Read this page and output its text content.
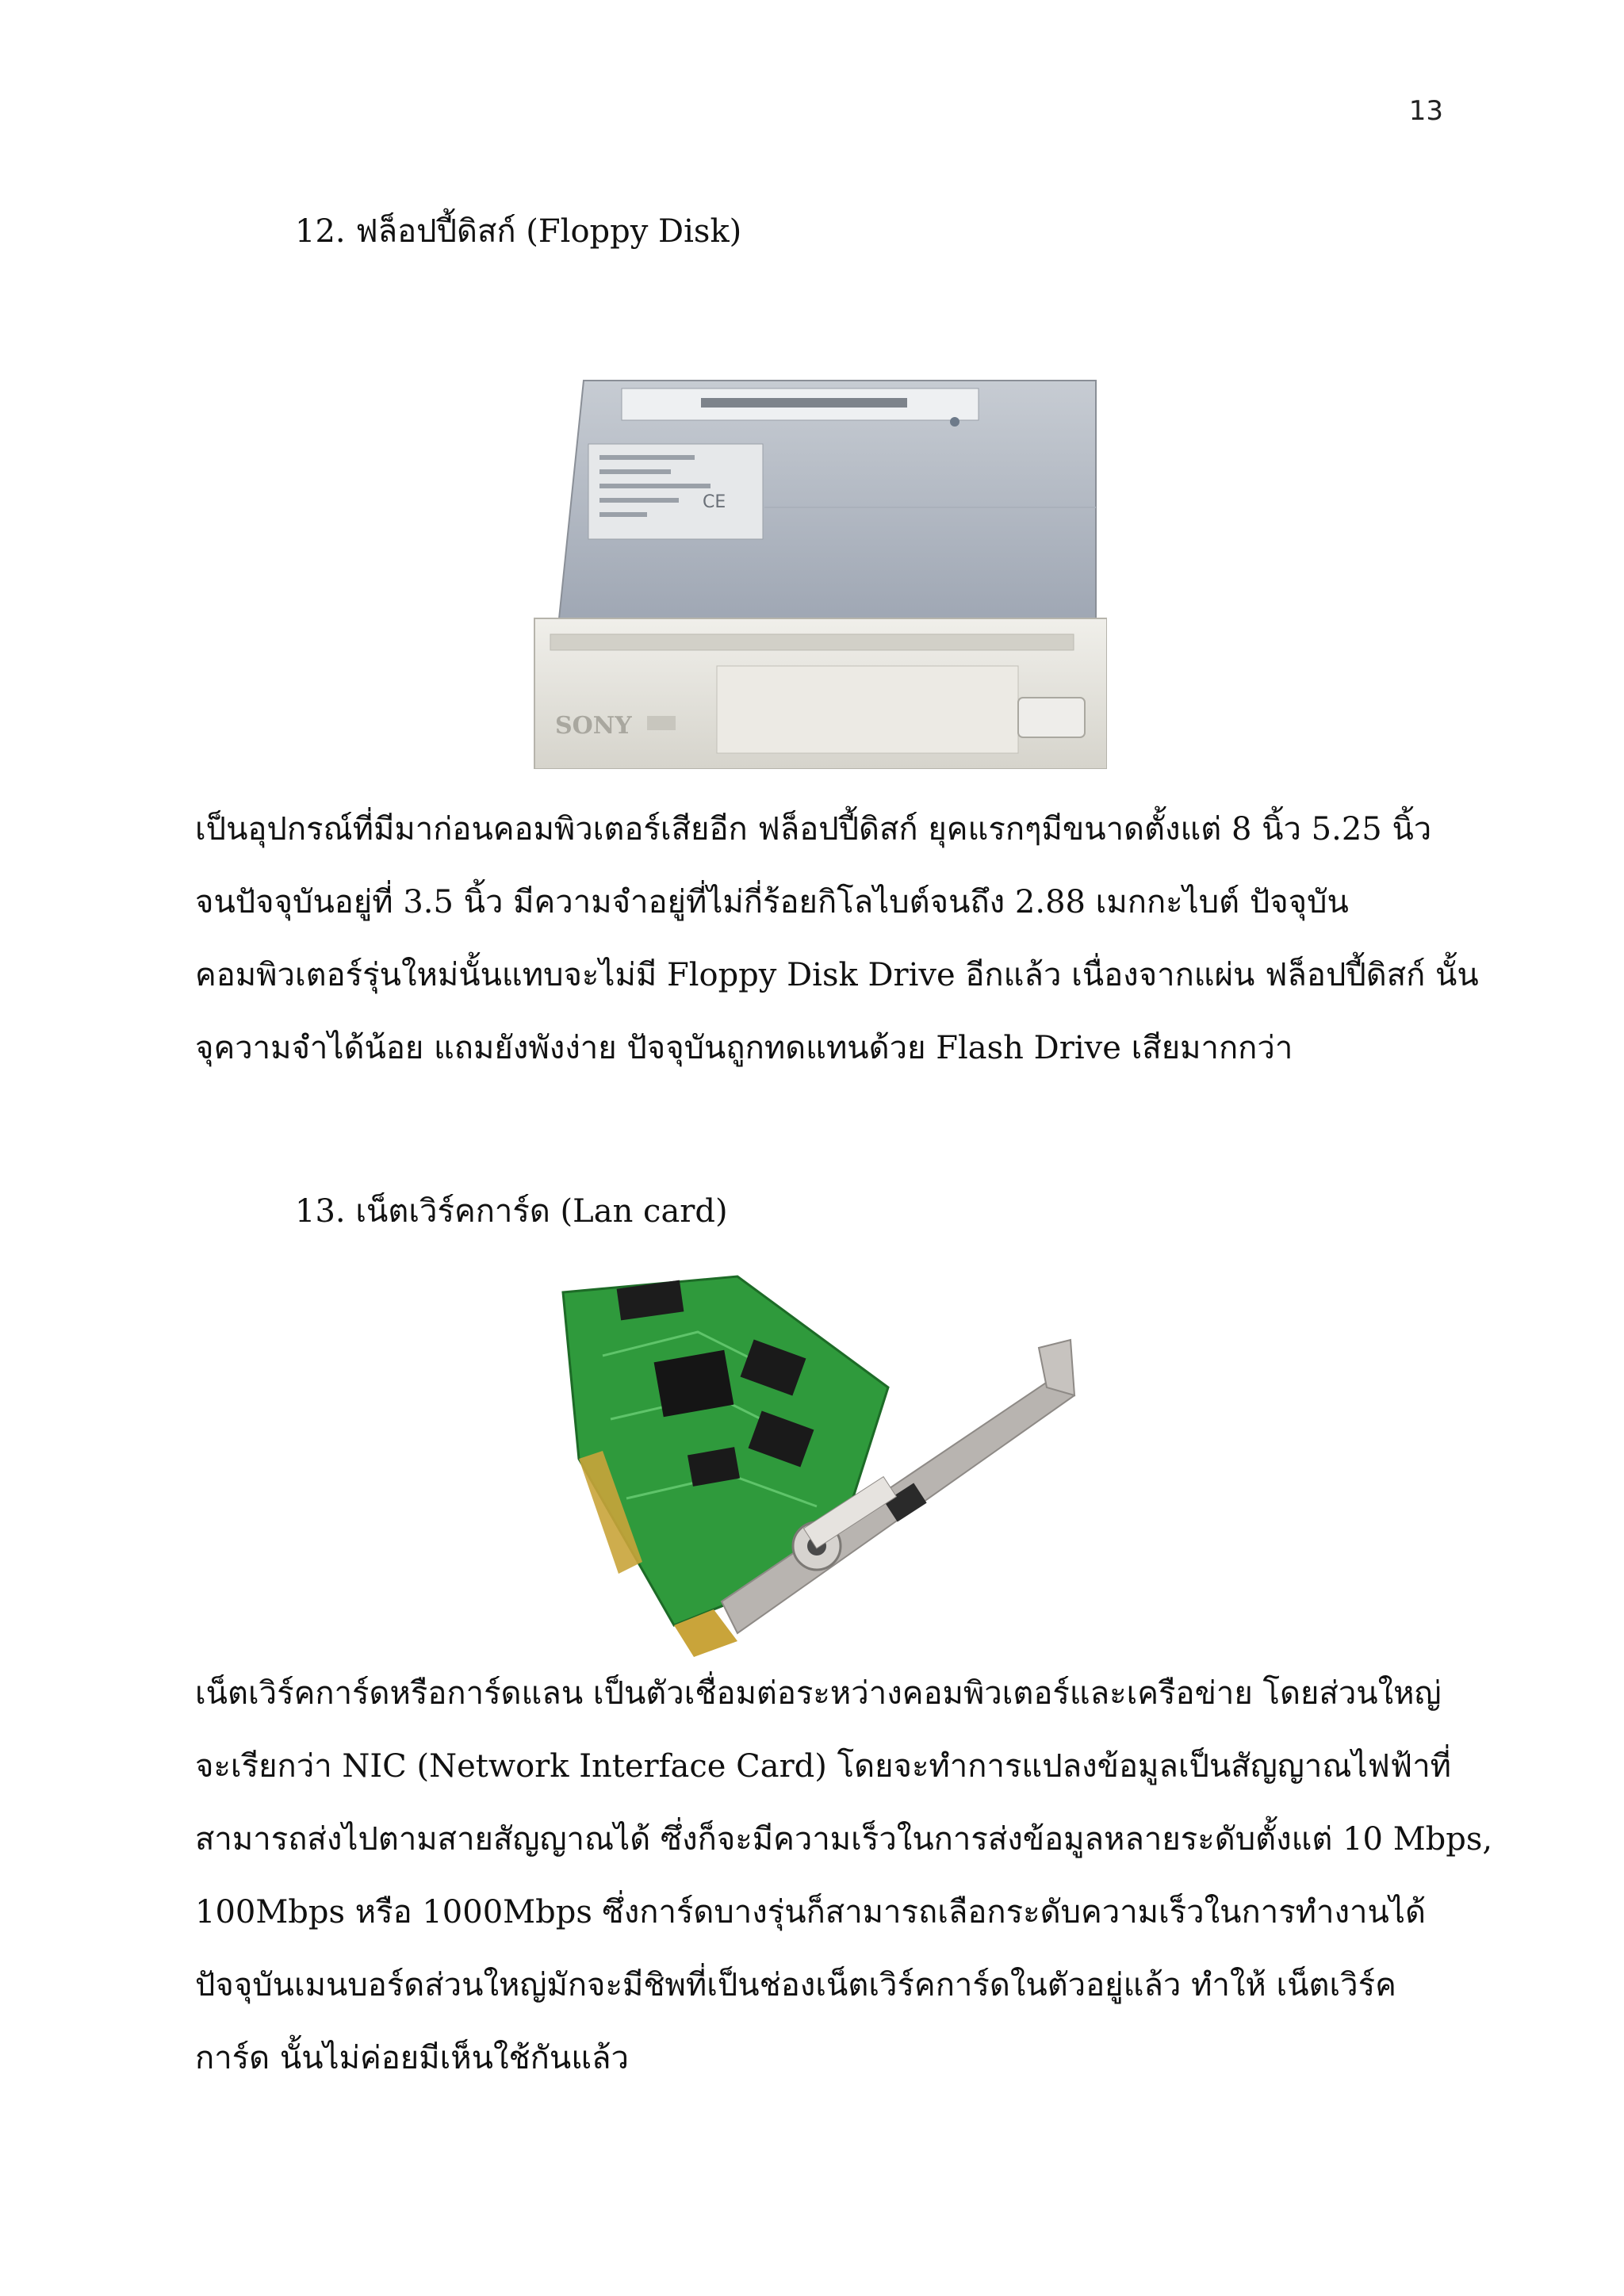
13
12. ฟล็อปปี้ดิสก์ (Floppy Disk)
CE
SONY
เป็นอุปกรณ์ที่มีมาก่อนคอมพิวเตอร์เสียอีก ฟล็อปปี้ดิสก์ ยุคแรกๆมีขนาดตั้งแต่ 8 นิ้ว 5.25 นิ้ว
จนปัจจุบันอยู่ที่ 3.5 นิ้ว มีความจำอยู่ที่ไม่กี่ร้อยกิโลไบต์จนถึง 2.88 เมกกะไบต์ ปัจจุบัน
คอมพิวเตอร์รุ่นใหม่นั้นแทบจะไม่มี Floppy Disk Drive อีกแล้ว เนื่องจากแผ่น ฟล็อปปี้ดิสก์ นั้น
จุความจำได้น้อย แถมยังพังง่าย ปัจจุบันถูกทดแทนด้วย Flash Drive เสียมากกว่า
13. เน็ตเวิร์คการ์ด (Lan card)
เน็ตเวิร์คการ์ดหรือการ์ดแลน เป็นตัวเชื่อมต่อระหว่างคอมพิวเตอร์และเครือข่าย โดยส่วนใหญ่
จะเรียกว่า NIC (Network Interface Card) โดยจะทำการแปลงข้อมูลเป็นสัญญาณไฟฟ้าที่
สามารถส่งไปตามสายสัญญาณได้ ซึ่งก็จะมีความเร็วในการส่งข้อมูลหลายระดับตั้งแต่ 10 Mbps,
100Mbps หรือ 1000Mbps ซึ่งการ์ดบางรุ่นก็สามารถเลือกระดับความเร็วในการทำงานได้
ปัจจุบันเมนบอร์ดส่วนใหญ่มักจะมีชิพที่เป็นช่องเน็ตเวิร์คการ์ดในตัวอยู่แล้ว ทำให้ เน็ตเวิร์ค
การ์ด นั้นไม่ค่อยมีเห็นใช้กันแล้ว
